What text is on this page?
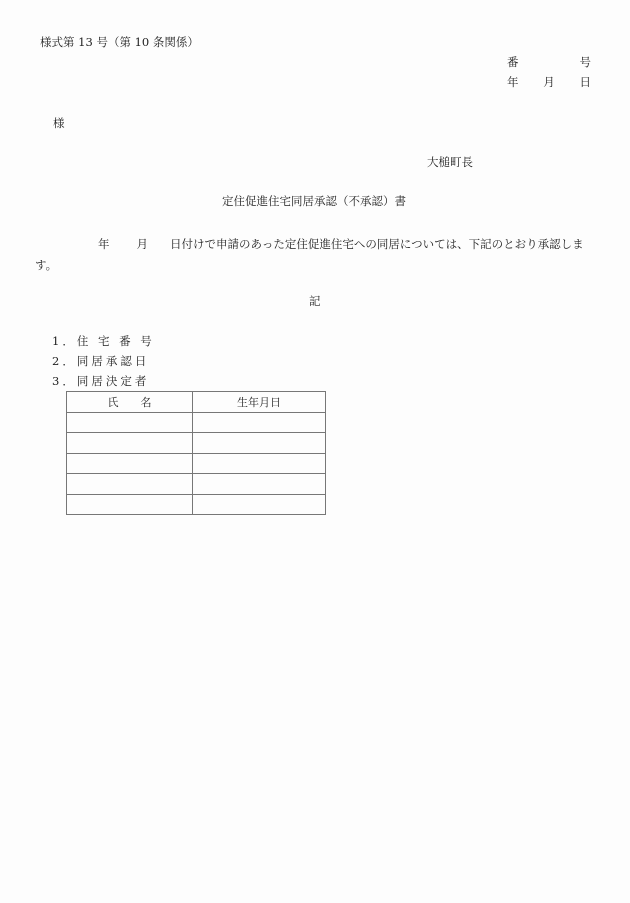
様式第 13 号（第 10 条関係）
番	号
年 月 日
様
大槌町長
定住促進住宅同居承認（不承認）書
年 月 日付けで申請のあった定住促進住宅への同居については、下記のとおり承認しま
す。
記
1．住 宅 番 号
2．同居承認日
3．同居決定者
氏　　名	生年月日
